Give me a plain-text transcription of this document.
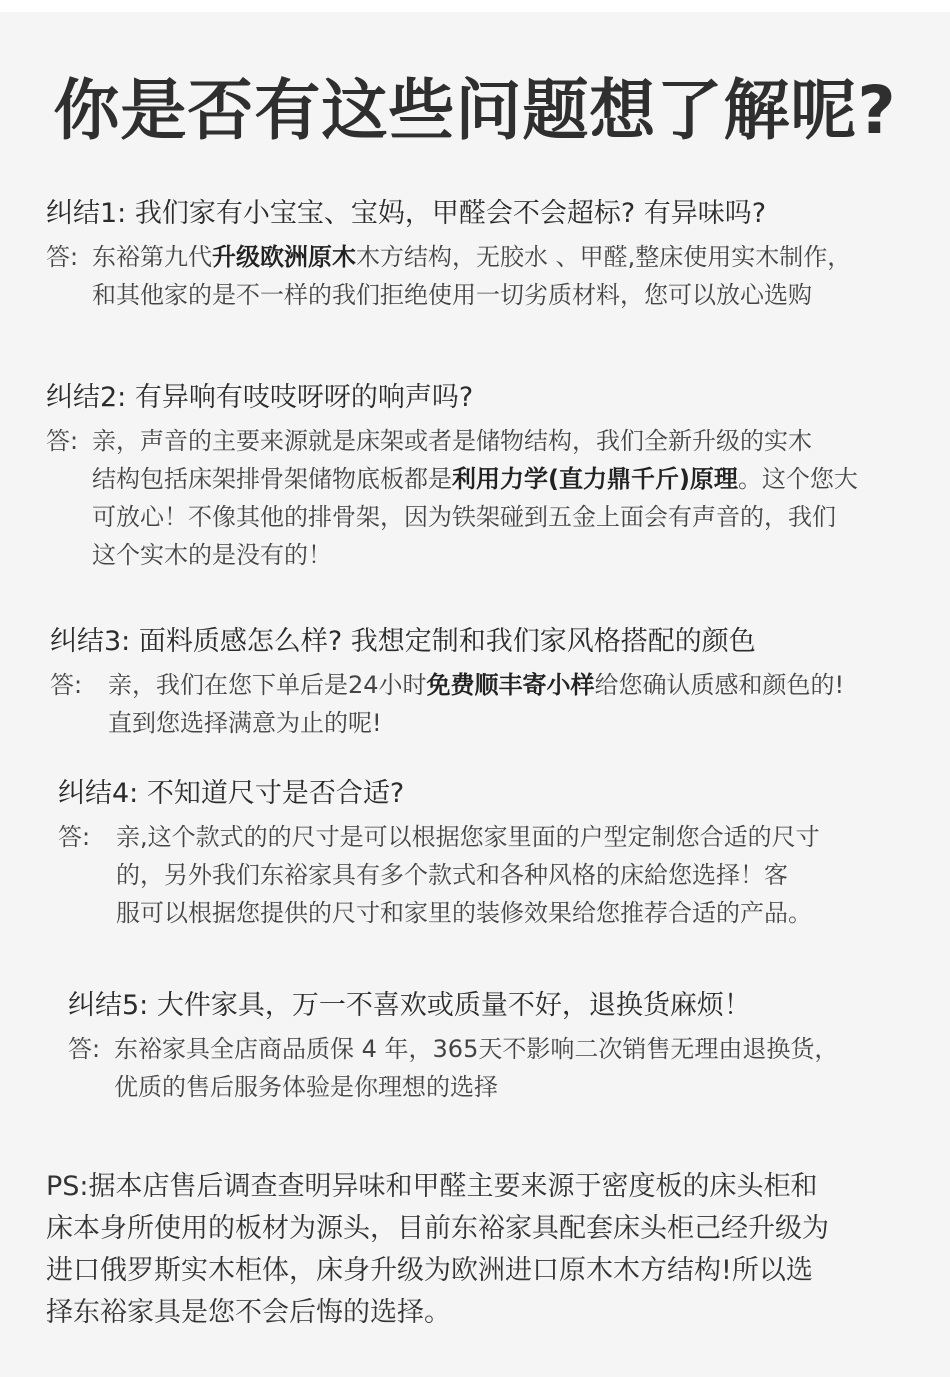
你是否有这些问题想了解呢?
纠结1: 我们家有小宝宝、宝妈，甲醛会不会超标? 有异味吗?
答: 东裕第九代升级欧洲原木木方结构，无胶水 、甲醛,整床使用实木制作，
和其他家的是不一样的我们拒绝使用一切劣质材料，您可以放心选购
纠结2: 有异响有吱吱呀呀的响声吗?
答: 亲，声音的主要来源就是床架或者是储物结构，我们全新升级的实木
结构包括床架排骨架储物底板都是利用力学(直力鼎千斤)原理。这个您大
可放心！不像其他的排骨架，因为铁架碰到五金上面会有声音的，我们
这个实木的是没有的！
纠结3: 面料质感怎么样? 我想定制和我们家风格搭配的颜色
答:	亲，我们在您下单后是24小时免费顺丰寄小样给您确认质感和颜色的!
直到您选择满意为止的呢!
纠结4: 不知道尺寸是否合适?
答:	亲,这个款式的的尺寸是可以根据您家里面的户型定制您合适的尺寸
的，另外我们东裕家具有多个款式和各种风格的床給您选择！客
服可以根据您提供的尺寸和家里的装修效果给您推荐合适的产品。
纠结5: 大件家具，万一不喜欢或质量不好，退换货麻烦！
答: 东裕家具全店商品质保 4 年，365天不影响二次销售无理由退换货，
优质的售后服务体验是你理想的选择
PS:据本店售后调查查明异味和甲醛主要来源于密度板的床头柜和
床本身所使用的板材为源头，目前东裕家具配套床头柜己经升级为
进口俄罗斯实木柜体，床身升级为欧洲进口原木木方结构!所以选
择东裕家具是您不会后悔的选择。
